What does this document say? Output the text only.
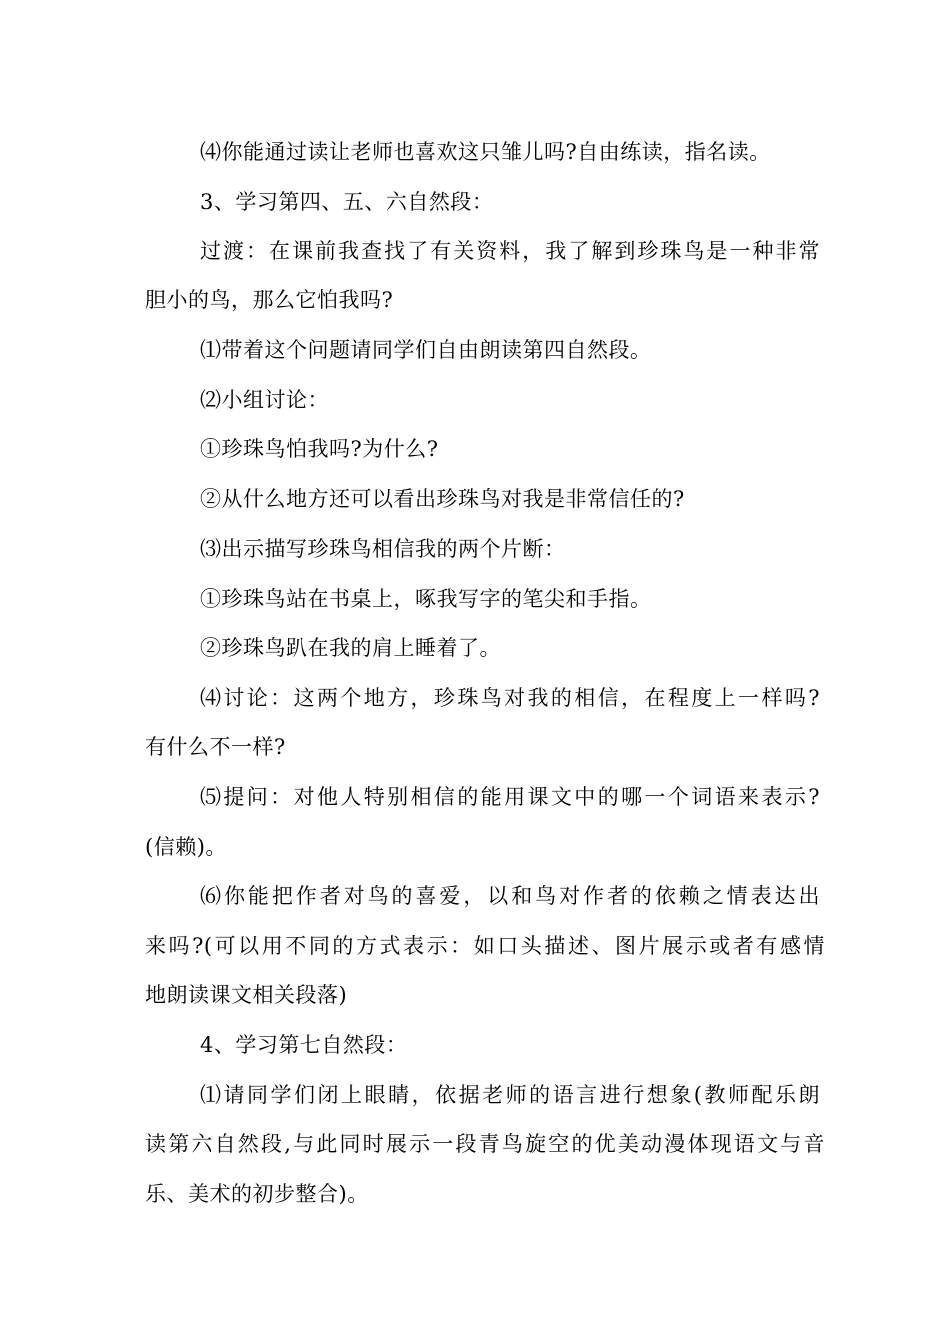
⑷你能通过读让老师也喜欢这只雏儿吗?自由练读，指名读。
3、学习第四、五、六自然段：
过渡：在课前我查找了有关资料，我了解到珍珠鸟是一种非常
胆小的鸟，那么它怕我吗?
⑴带着这个问题请同学们自由朗读第四自然段。
⑵小组讨论：
①珍珠鸟怕我吗?为什么?
②从什么地方还可以看出珍珠鸟对我是非常信任的?
⑶出示描写珍珠鸟相信我的两个片断：
①珍珠鸟站在书桌上，啄我写字的笔尖和手指。
②珍珠鸟趴在我的肩上睡着了。
⑷讨论：这两个地方，珍珠鸟对我的相信，在程度上一样吗?
有什么不一样?
⑸提问：对他人特别相信的能用课文中的哪一个词语来表示?
(信赖)。
⑹你能把作者对鸟的喜爱，以和鸟对作者的依赖之情表达出
来吗?(可以用不同的方式表示：如口头描述、图片展示或者有感情
地朗读课文相关段落)
4、学习第七自然段：
⑴请同学们闭上眼睛，依据老师的语言进行想象(教师配乐朗
读第六自然段,与此同时展示一段青鸟旋空的优美动漫体现语文与音
乐、美术的初步整合)。
